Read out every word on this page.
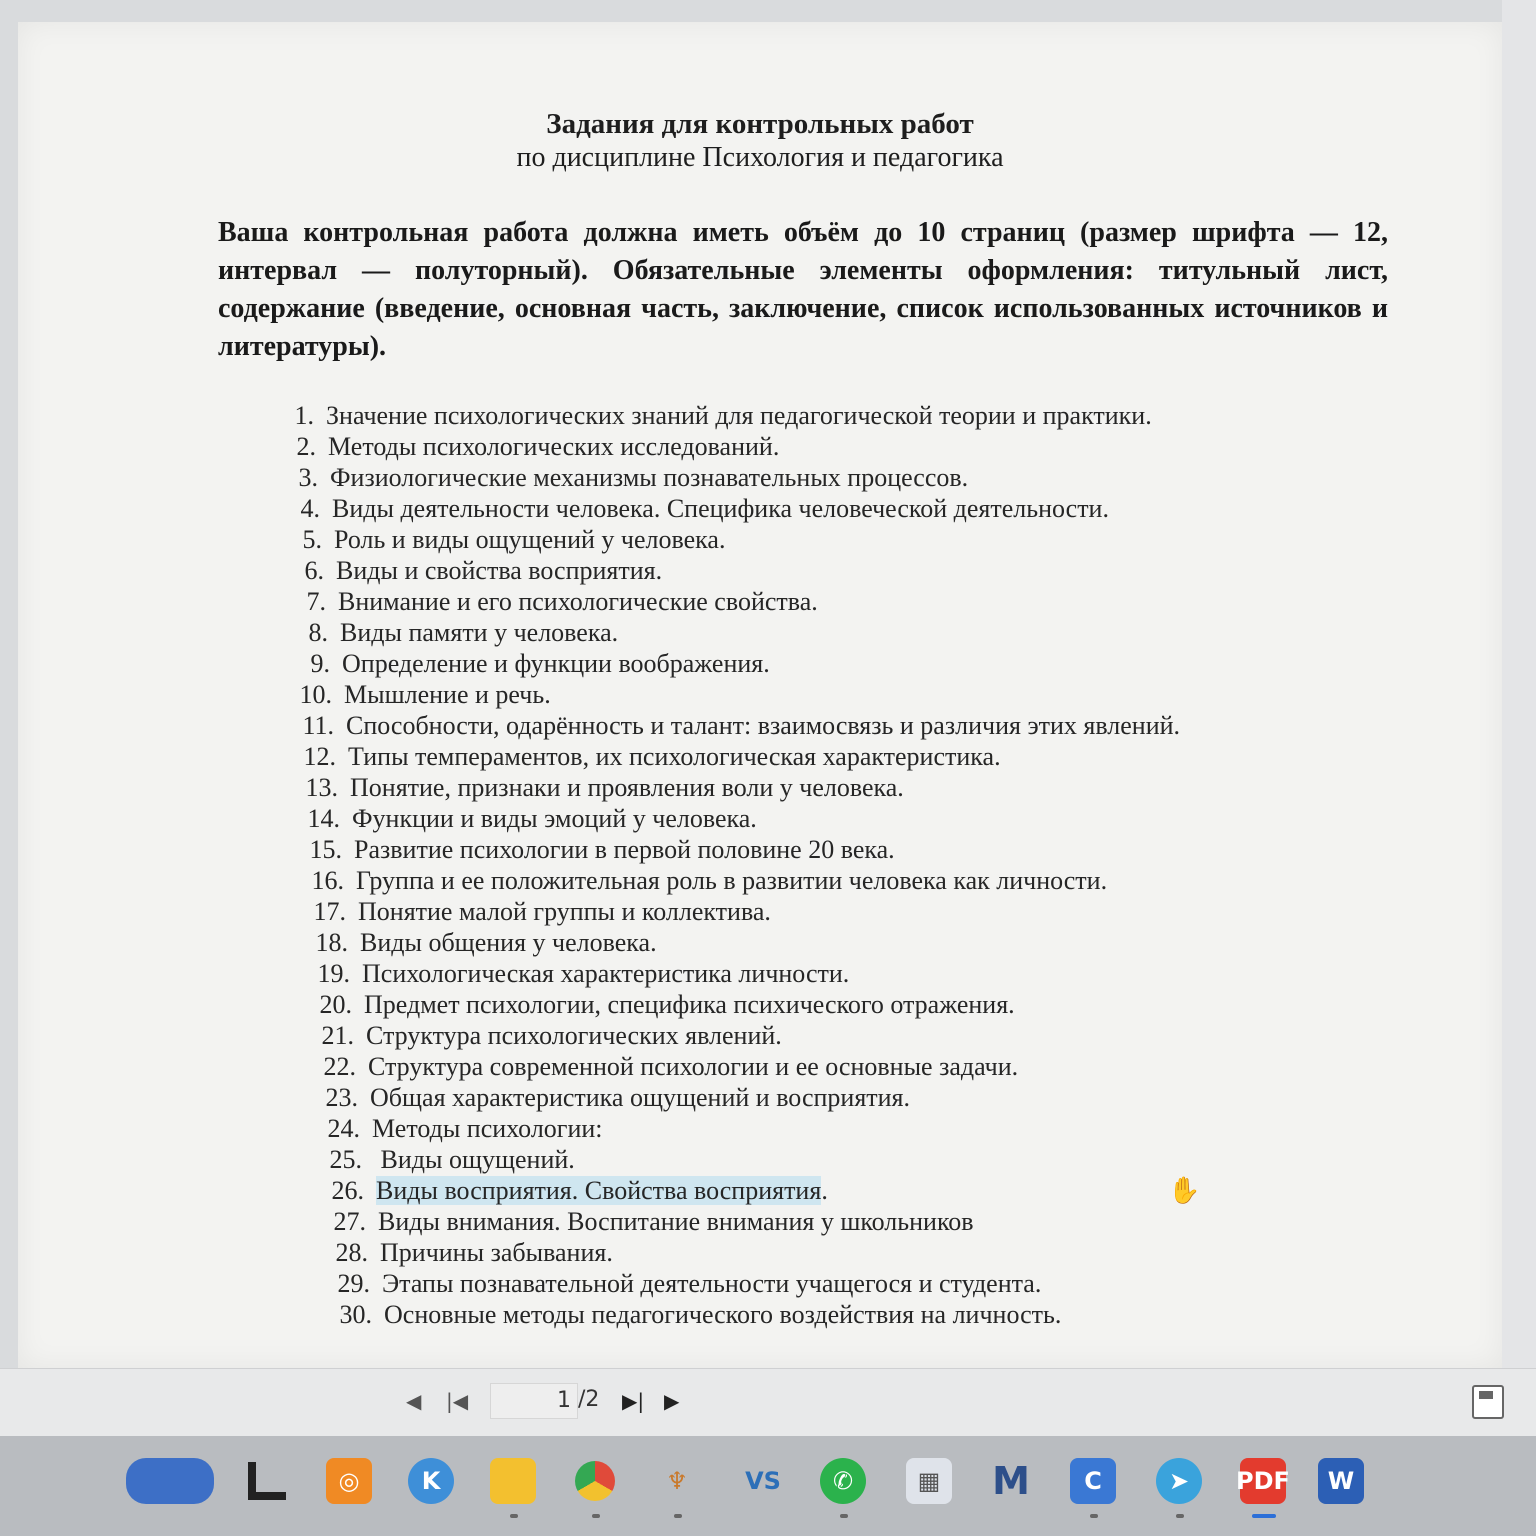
Задания для контрольных работ
по дисциплине Психология и педагогика
Ваша контрольная работа должна иметь объём до 10 страниц (размер шрифта — 12, интервал — полуторный). Обязательные элементы оформления: титульный лист, содержание (введение, основная часть, заключение, список использованных источников и литературы).
1. Значение психологических знаний для педагогической теории и практики.
2. Методы психологических исследований.
3. Физиологические механизмы познавательных процессов.
4. Виды деятельности человека. Специфика человеческой деятельности.
5. Роль и виды ощущений у человека.
6. Виды и свойства восприятия.
7. Внимание и его психологические свойства.
8. Виды памяти у человека.
9. Определение и функции воображения.
10. Мышление и речь.
11. Способности, одарённость и талант: взаимосвязь и различия этих явлений.
12. Типы темпераментов, их психологическая характеристика.
13. Понятие, признаки и проявления воли у человека.
14. Функции и виды эмоций у человека.
15. Развитие психологии в первой половине 20 века.
16. Группа и ее положительная роль в развитии человека как личности.
17. Понятие малой группы и коллектива.
18. Виды общения у человека.
19. Психологическая характеристика личности.
20. Предмет психологии, специфика психического отражения.
21. Структура психологических явлений.
22. Структура современной психологии и ее основные задачи.
23. Общая характеристика ощущений и восприятия.
24. Методы психологии:
25. Виды ощущений.
26. Виды восприятия. Свойства восприятия.
27. Виды внимания. Воспитание внимания у школьников
28. Причины забывания.
29. Этапы познавательной деятельности учащегося и студента.
30. Основные методы педагогического воздействия на личность.
✋
◀ |◀	1 /2 ▶| ▶
◎	K	♆	VS	✆	▦	M	C	➤	PDF	W
